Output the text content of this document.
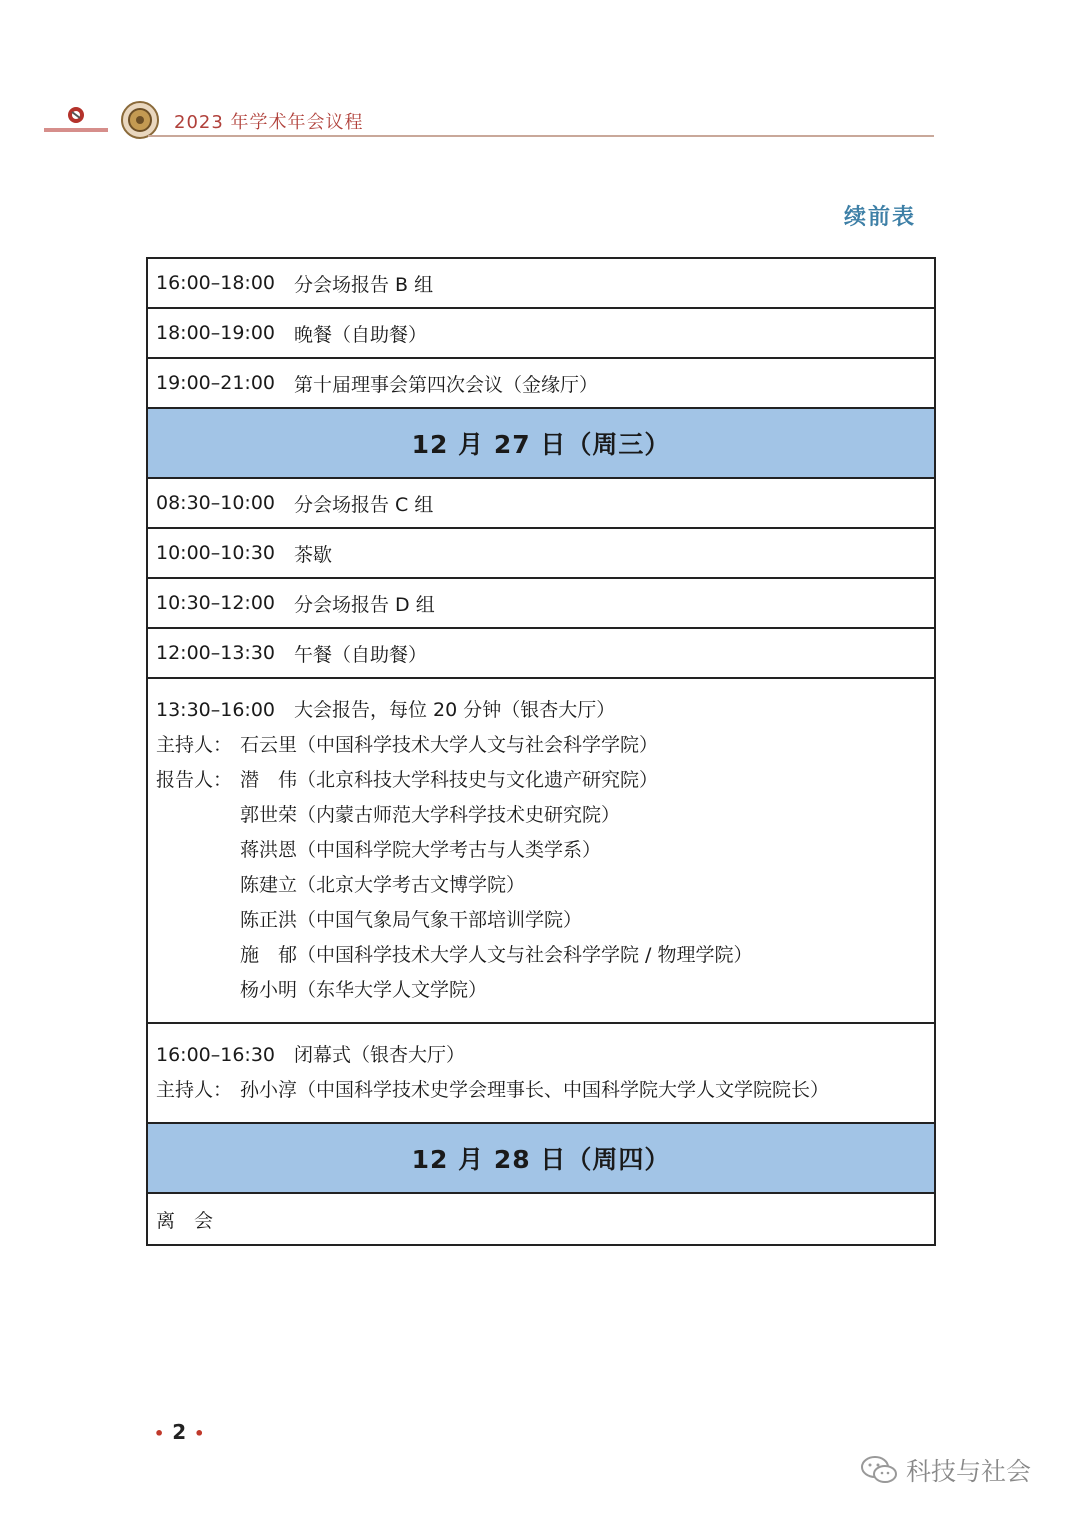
2023 年学术年会议程
续前表
16:00–18:00 分会场报告 B 组
18:00–19:00 晚餐（自助餐）
19:00–21:00 第十届理事会第四次会议（金缘厅）
12 月 27 日（周三）
08:30–10:00 分会场报告 C 组
10:00–10:30 茶歇
10:30–12:00 分会场报告 D 组
12:00–13:30 午餐（自助餐）
13:30–16:00 大会报告，每位 20 分钟（银杏大厅）
主持人： 石云里（中国科学技术大学人文与社会科学学院）
报告人： 潜　伟（北京科技大学科技史与文化遗产研究院）
郭世荣（内蒙古师范大学科学技术史研究院）
蒋洪恩（中国科学院大学考古与人类学系）
陈建立（北京大学考古文博学院）
陈正洪（中国气象局气象干部培训学院）
施　郁（中国科学技术大学人文与社会科学学院 / 物理学院）
杨小明（东华大学人文学院）
16:00–16:30 闭幕式（银杏大厅）
主持人： 孙小淳（中国科学技术史学会理事长、中国科学院大学人文学院院长）
12 月 28 日（周四）
离　会
• 2 •
科技与社会
